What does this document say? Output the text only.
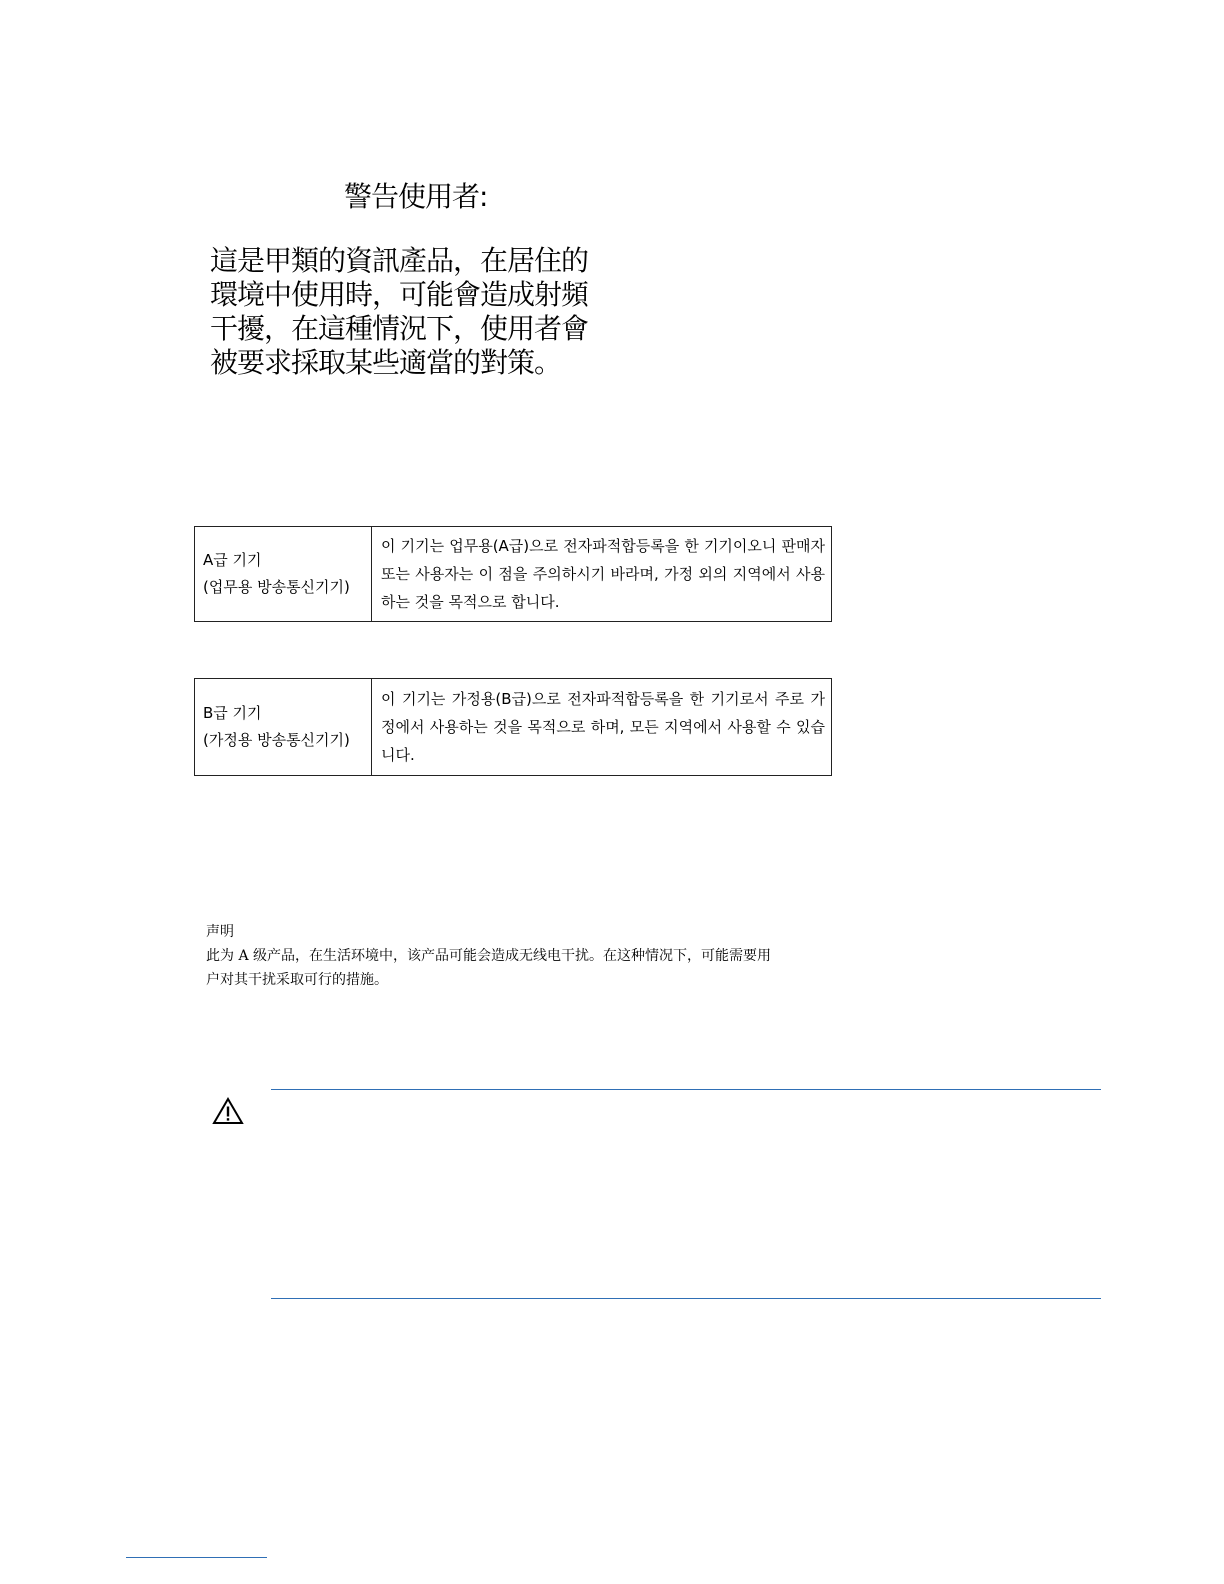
警告使用者:
這是甲類的資訊產品，在居住的
環境中使用時，可能會造成射頻
干擾，在這種情況下，使用者會
被要求採取某些適當的對策。
A급 기기
(업무용 방송통신기기)
	이 기기는 업무용(A급)으로 전자파적합등록을 한 기기이오니 판매자 또는 사용자는 이 점을 주의하시기 바라며, 가정 외의 지역에서 사용하는 것을 목적으로 합니다.
B급 기기
(가정용 방송통신기기)
	이 기기는 가정용(B급)으로 전자파적합등록을 한 기기로서 주로 가정에서 사용하는 것을 목적으로 하며, 모든 지역에서 사용할 수 있습니다.
声明
此为 A 级产品，在生活环境中，该产品可能会造成无线电干扰。在这种情况下，可能需要用
户对其干扰采取可行的措施。
